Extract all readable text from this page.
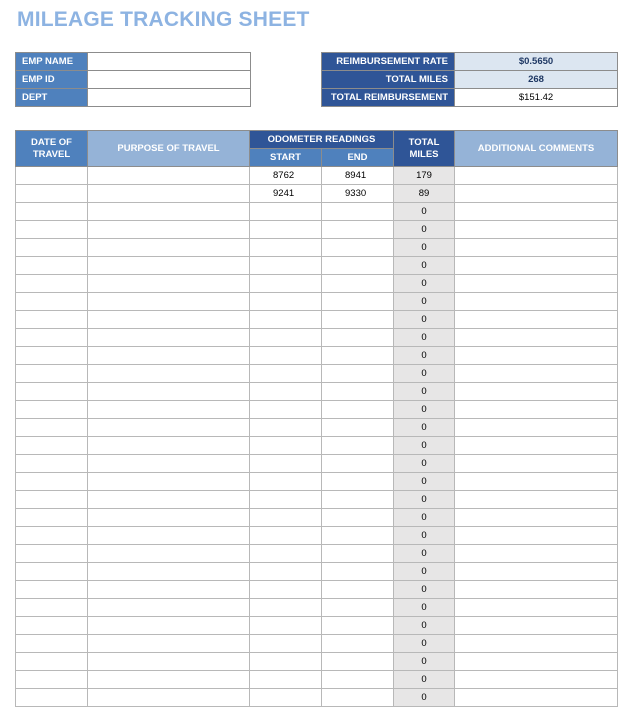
MILEAGE TRACKING SHEET
EMP NAME	
EMP ID	
DEPT	
REIMBURSEMENT RATE	$0.5650
TOTAL MILES	268
TOTAL REIMBURSEMENT	$151.42
DATE OF TRAVEL	PURPOSE OF TRAVEL	ODOMETER READINGS		TOTAL MILES	ADDITIONAL COMMENTS
		START	END		
		8762	8941	179	
		9241	9330	89	
				0	
				0	
				0	
				0	
				0	
				0	
				0	
				0	
				0	
				0	
				0	
				0	
				0	
				0	
				0	
				0	
				0	
				0	
				0	
				0	
				0	
				0	
				0	
				0	
				0	
				0	
				0	
				0	
